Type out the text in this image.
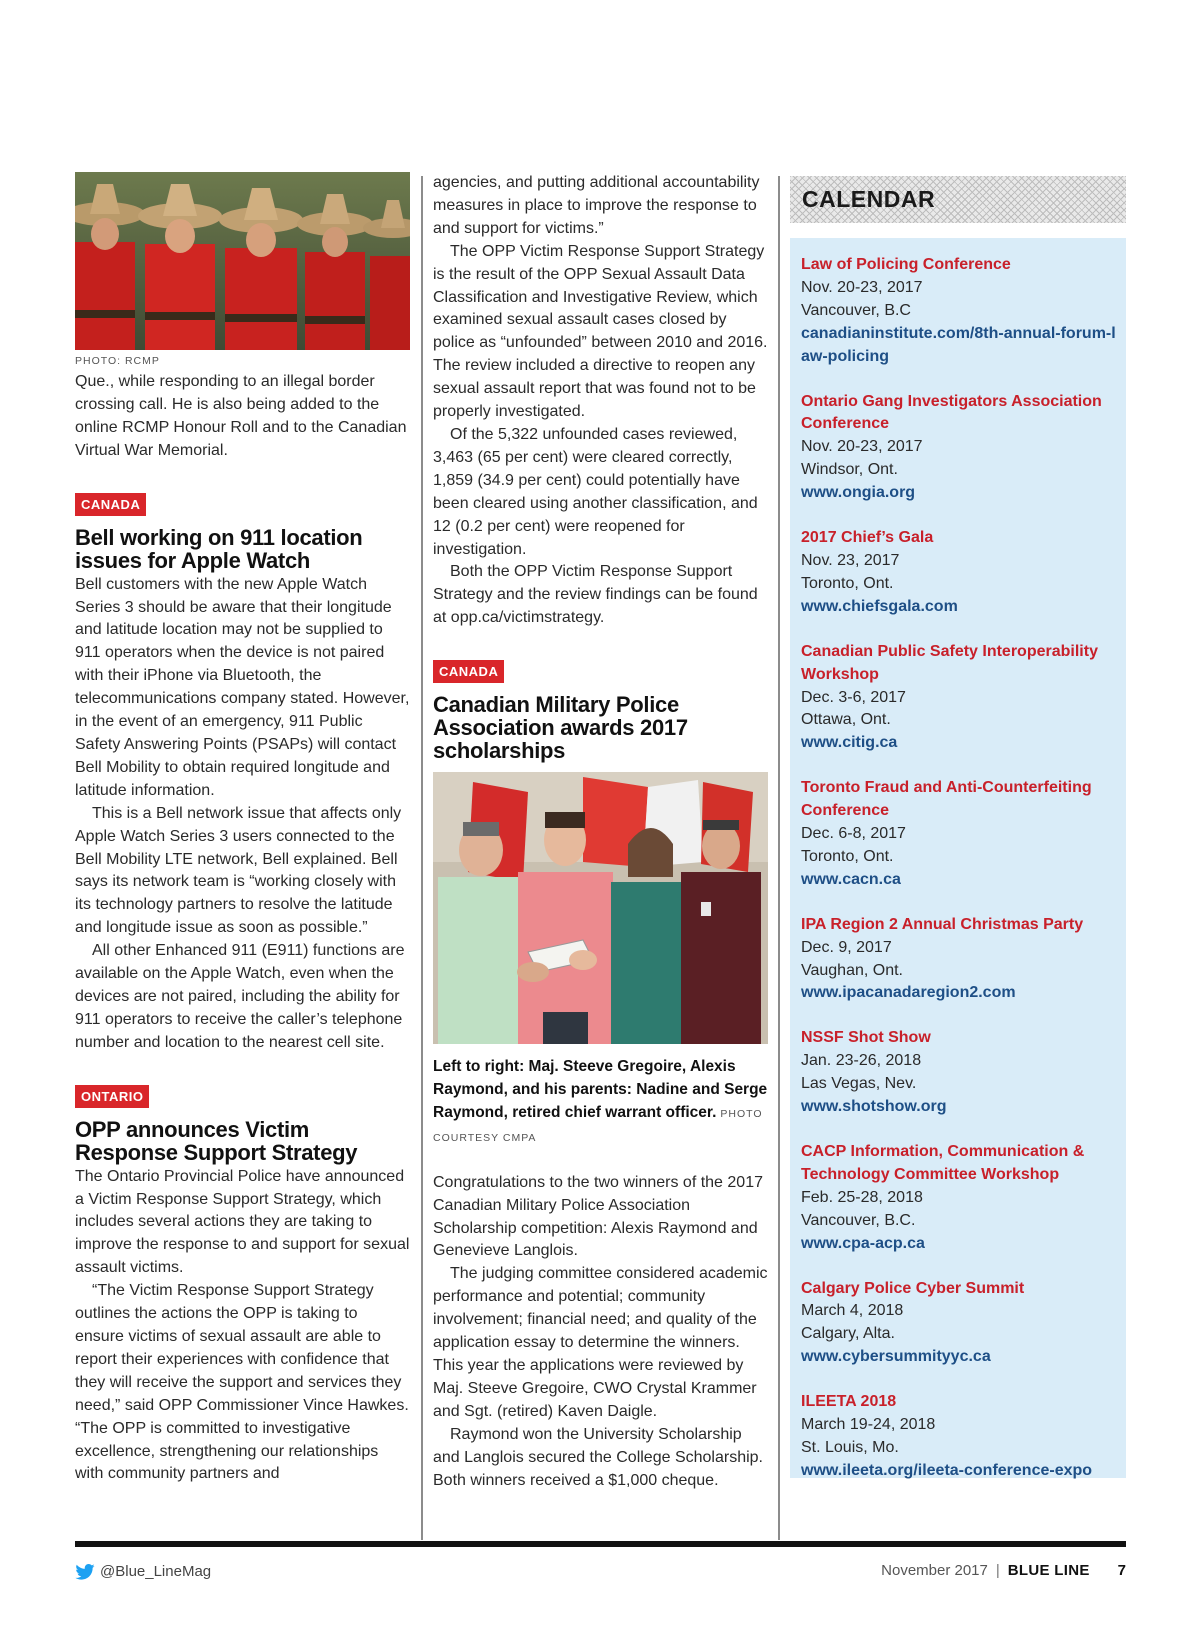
PHOTO: RCMP

Que., while responding to an illegal border crossing call. He is also being added to the online RCMP Honour Roll and to the Canadian Virtual War Memorial.

CANADA
Bell working on 911 location issues for Apple Watch

Bell customers with the new Apple Watch Series 3 should be aware that their longitude and latitude location may not be supplied to 911 operators when the device is not paired with their iPhone via Bluetooth, the telecommunications company stated. However, in the event of an emergency, 911 Public Safety Answering Points (PSAPs) will contact Bell Mobility to obtain required longitude and latitude information.

This is a Bell network issue that affects only Apple Watch Series 3 users connected to the Bell Mobility LTE network, Bell explained. Bell says its network team is “working closely with its technology partners to resolve the latitude and longitude issue as soon as possible.”

All other Enhanced 911 (E911) functions are available on the Apple Watch, even when the devices are not paired, including the ability for 911 operators to receive the caller’s telephone number and location to the nearest cell site.

ONTARIO
OPP announces Victim Response Support Strategy

The Ontario Provincial Police have announced a Victim Response Support Strategy, which includes several actions they are taking to improve the response to and support for sexual assault victims.

“The Victim Response Support Strategy outlines the actions the OPP is taking to ensure victims of sexual assault are able to report their experiences with confidence that they will receive the support and services they need,” said OPP Commissioner Vince Hawkes. “The OPP is committed to investigative excellence, strengthening our relationships with community partners and

agencies, and putting additional accountability measures in place to improve the response to and support for victims.”

The OPP Victim Response Support Strategy is the result of the OPP Sexual Assault Data Classification and Investigative Review, which examined sexual assault cases closed by police as “unfounded” between 2010 and 2016. The review included a directive to reopen any sexual assault report that was found not to be properly investigated.

Of the 5,322 unfounded cases reviewed, 3,463 (65 per cent) were cleared correctly, 1,859 (34.9 per cent) could potentially have been cleared using another classification, and 12 (0.2 per cent) were reopened for investigation.

Both the OPP Victim Response Support Strategy and the review findings can be found at opp.ca/victimstrategy.

CANADA
Canadian Military Police Association awards 2017 scholarships

Left to right: Maj. Steeve Gregoire, Alexis Raymond, and his parents: Nadine and Serge Raymond, retired chief warrant officer. PHOTO COURTESY CMPA

Congratulations to the two winners of the 2017 Canadian Military Police Association Scholarship competition: Alexis Raymond and Genevieve Langlois.

The judging committee considered academic performance and potential; community involvement; financial need; and quality of the application essay to determine the winners. This year the applications were reviewed by Maj. Steeve Gregoire, CWO Crystal Krammer and Sgt. (retired) Kaven Daigle.

Raymond won the University Scholarship and Langlois secured the College Scholarship. Both winners received a $1,000 cheque.

CALENDAR
Law of Policing Conference
Nov. 20-23, 2017
Vancouver, B.C
canadianinstitute.com/8th-annual-forum-law-policing
Ontario Gang Investigators Association Conference
Nov. 20-23, 2017
Windsor, Ont.
www.ongia.org
2017 Chief’s Gala
Nov. 23, 2017
Toronto, Ont.
www.chiefsgala.com
Canadian Public Safety Interoperability Workshop
Dec. 3-6, 2017
Ottawa, Ont.
www.citig.ca
Toronto Fraud and Anti-Counterfeiting Conference
Dec. 6-8, 2017
Toronto, Ont.
www.cacn.ca
IPA Region 2 Annual Christmas Party
Dec. 9, 2017
Vaughan, Ont.
www.ipacanadaregion2.com
NSSF Shot Show
Jan. 23-26, 2018
Las Vegas, Nev.
www.shotshow.org
CACP Information, Communication & Technology Committee Workshop
Feb. 25-28, 2018
Vancouver, B.C.
www.cpa-acp.ca
Calgary Police Cyber Summit
March 4, 2018
Calgary, Alta.
www.cybersummityyc.ca
ILEETA 2018
March 19-24, 2018
St. Louis, Mo.
www.ileeta.org/ileeta-conference-expo
@Blue_LineMag	November 2017 | BLUE LINE 7
